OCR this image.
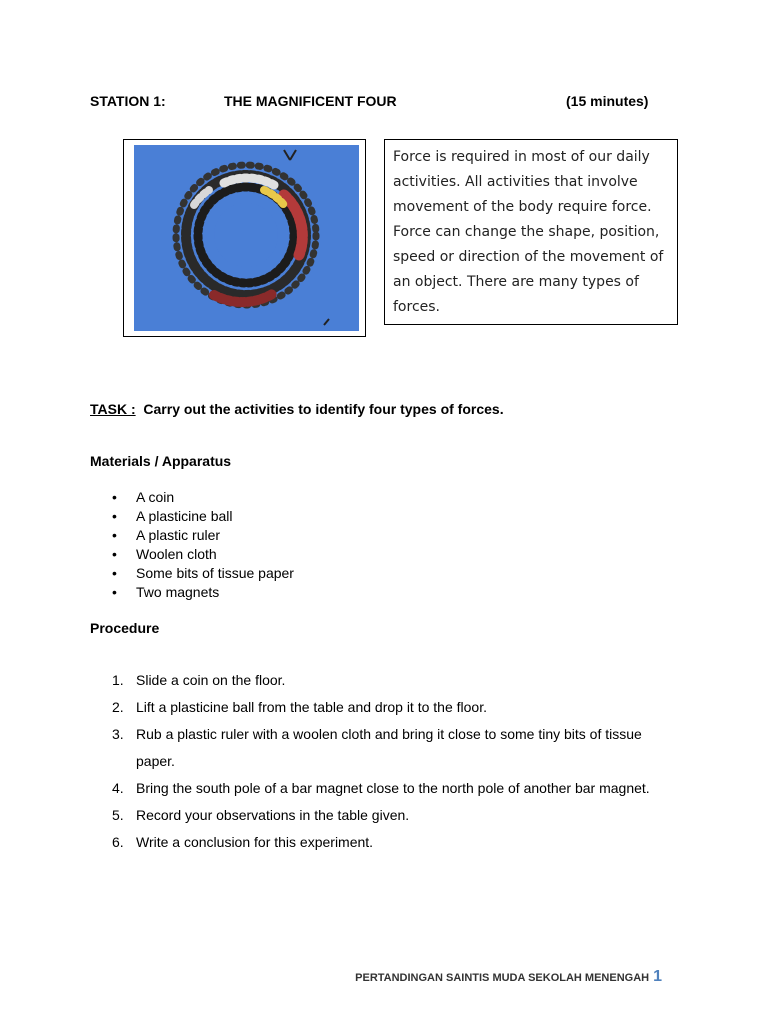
STATION 1:	THE MAGNIFICENT FOUR	(15 minutes)
Force is required in most of our daily activities. All activities that involve movement of the body require force. Force can change the shape, position, speed or direction of the movement of an object. There are many types of forces.
TASK : Carry out the activities to identify four types of forces.
Materials / Apparatus
• A coin
• A plasticine ball
• A plastic ruler
• Woolen cloth
• Some bits of tissue paper
• Two magnets
Procedure
1. Slide a coin on the floor.
2. Lift a plasticine ball from the table and drop it to the floor.
3. Rub a plastic ruler with a woolen cloth and bring it close to some tiny bits of tissue paper.
4. Bring the south pole of a bar magnet close to the north pole of another bar magnet.
5. Record your observations in the table given.
6. Write a conclusion for this experiment.
PERTANDINGAN SAINTIS MUDA SEKOLAH MENENGAH 1
